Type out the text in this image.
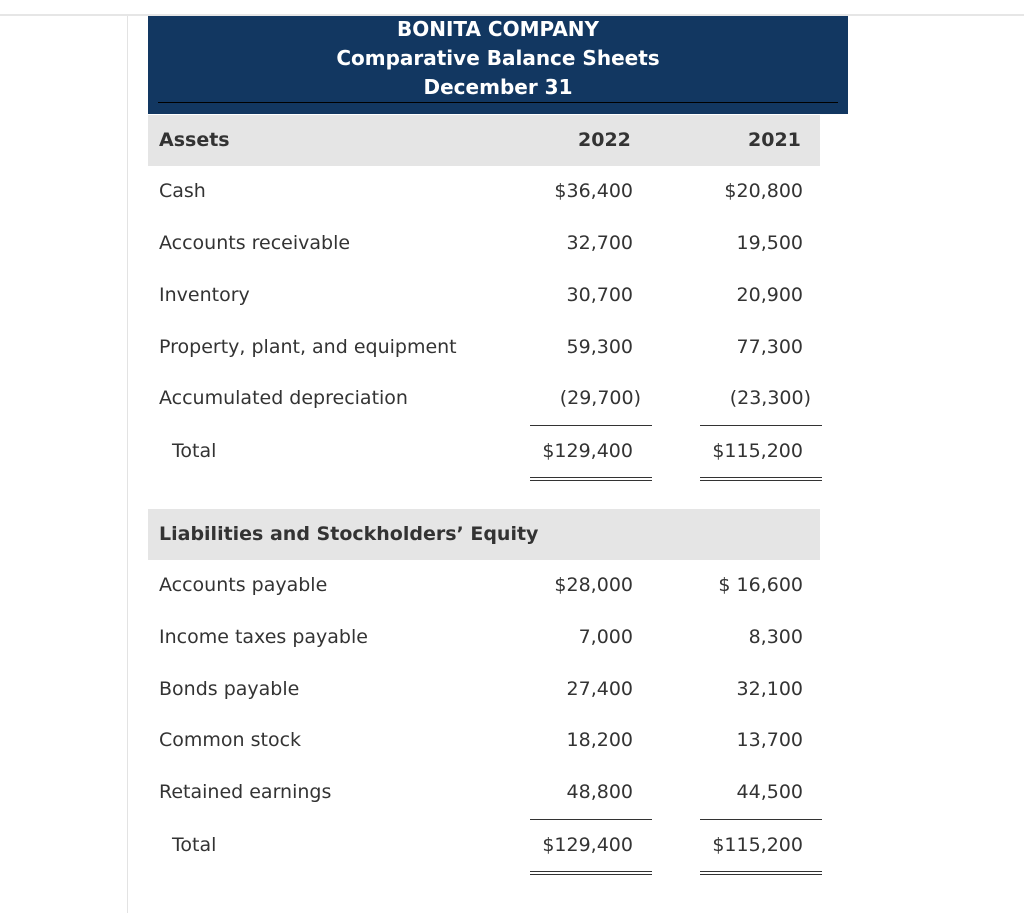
BONITA COMPANY
Comparative Balance Sheets
December 31
Assets	2022	2021
Cash	$36,400	$20,800
Accounts receivable	32,700	19,500
Inventory	30,700	20,900
Property, plant, and equipment	59,300	77,300
Accumulated depreciation	(29,700)	(23,300)
Total	$129,400	$115,200
Liabilities and Stockholders’ Equity
Accounts payable	$28,000	$ 16,600
Income taxes payable	7,000	8,300
Bonds payable	27,400	32,100
Common stock	18,200	13,700
Retained earnings	48,800	44,500
Total	$129,400	$115,200
